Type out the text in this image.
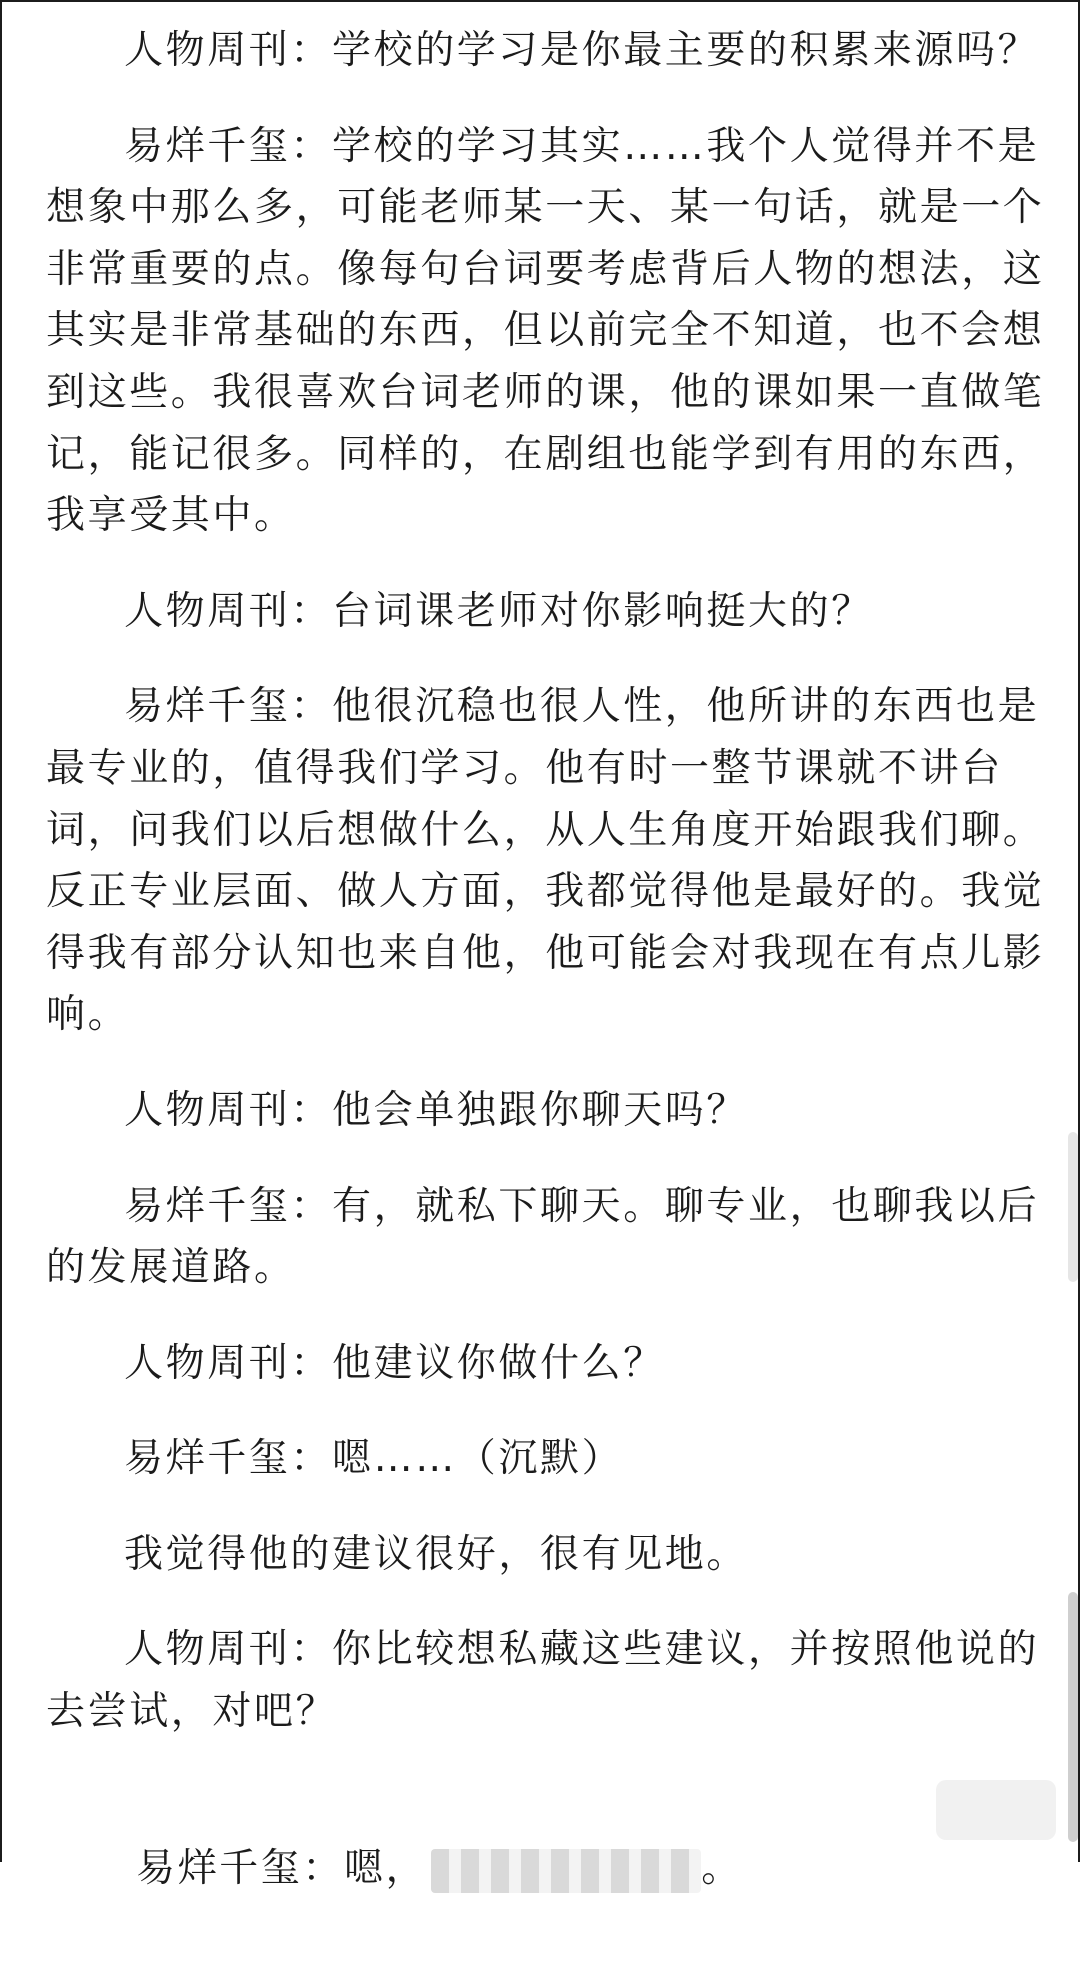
人物周刊：学校的学习是你最主要的积累来源吗？

易烊千玺：学校的学习其实……我个人觉得并不是想象中那么多，可能老师某一天、某一句话，就是一个非常重要的点。像每句台词要考虑背后人物的想法，这其实是非常基础的东西，但以前完全不知道，也不会想到这些。我很喜欢台词老师的课，他的课如果一直做笔记，能记很多。同样的，在剧组也能学到有用的东西，我享受其中。

人物周刊：台词课老师对你影响挺大的？

易烊千玺：他很沉稳也很人性，他所讲的东西也是最专业的，值得我们学习。他有时一整节课就不讲台词，问我们以后想做什么，从人生角度开始跟我们聊。反正专业层面、做人方面，我都觉得他是最好的。我觉得我有部分认知也来自他，他可能会对我现在有点儿影响。

人物周刊：他会单独跟你聊天吗？

易烊千玺：有，就私下聊天。聊专业，也聊我以后的发展道路。

人物周刊：他建议你做什么？

易烊千玺：嗯……（沉默）

我觉得他的建议很好，很有见地。

人物周刊：你比较想私藏这些建议，并按照他说的去尝试，对吧？

易烊千玺：嗯，	。
